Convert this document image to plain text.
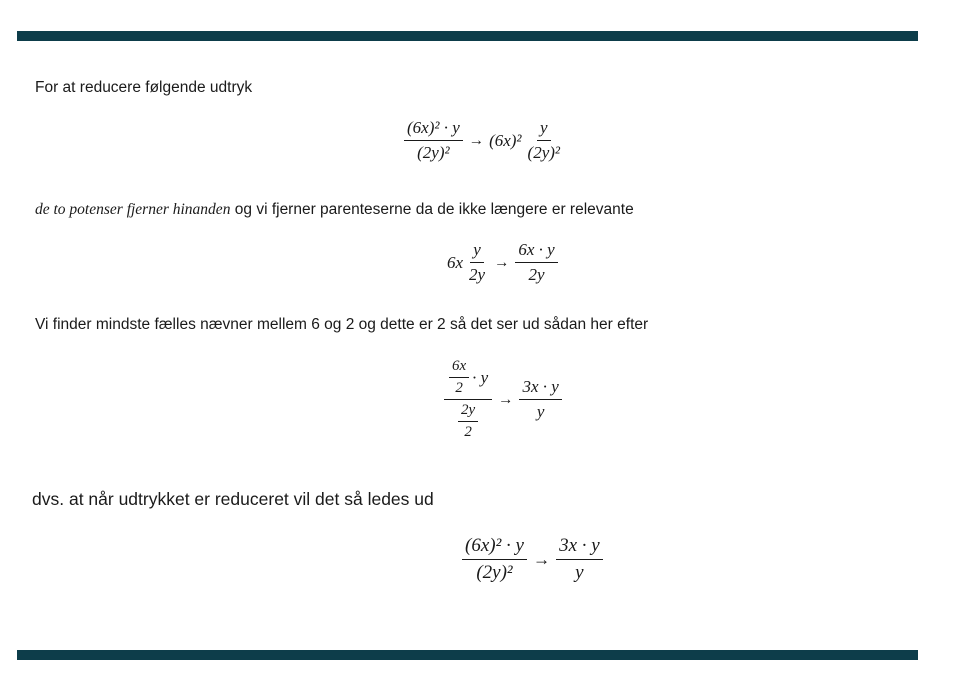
For at reducere følgende udtryk
$\frac{\text{(6x)² · y}}{\text{(2y)²}} \to (6x)^2 \frac{y}{\text{(2y)²}}$
de to potenser fjerner hinanden og vi fjerner parenteserne da de ikke længere er relevante
$6x \frac{y}{2y} \to \frac{6x \cdot y}{2y}$
Vi finder mindste fælles nævner mellem 6 og 2 og dette er 2 så det ser ud sådan her efter
$\frac{\frac{6x}{2} \cdot y}{\frac{2y}{2}} \to \frac{3x \cdot y}{y}$
dvs. at når udtrykket er reduceret vil det så ledes ud
$\frac{\text{(6x)² · y}}{\text{(2y)²}} \to \frac{3x \cdot y}{y}$
